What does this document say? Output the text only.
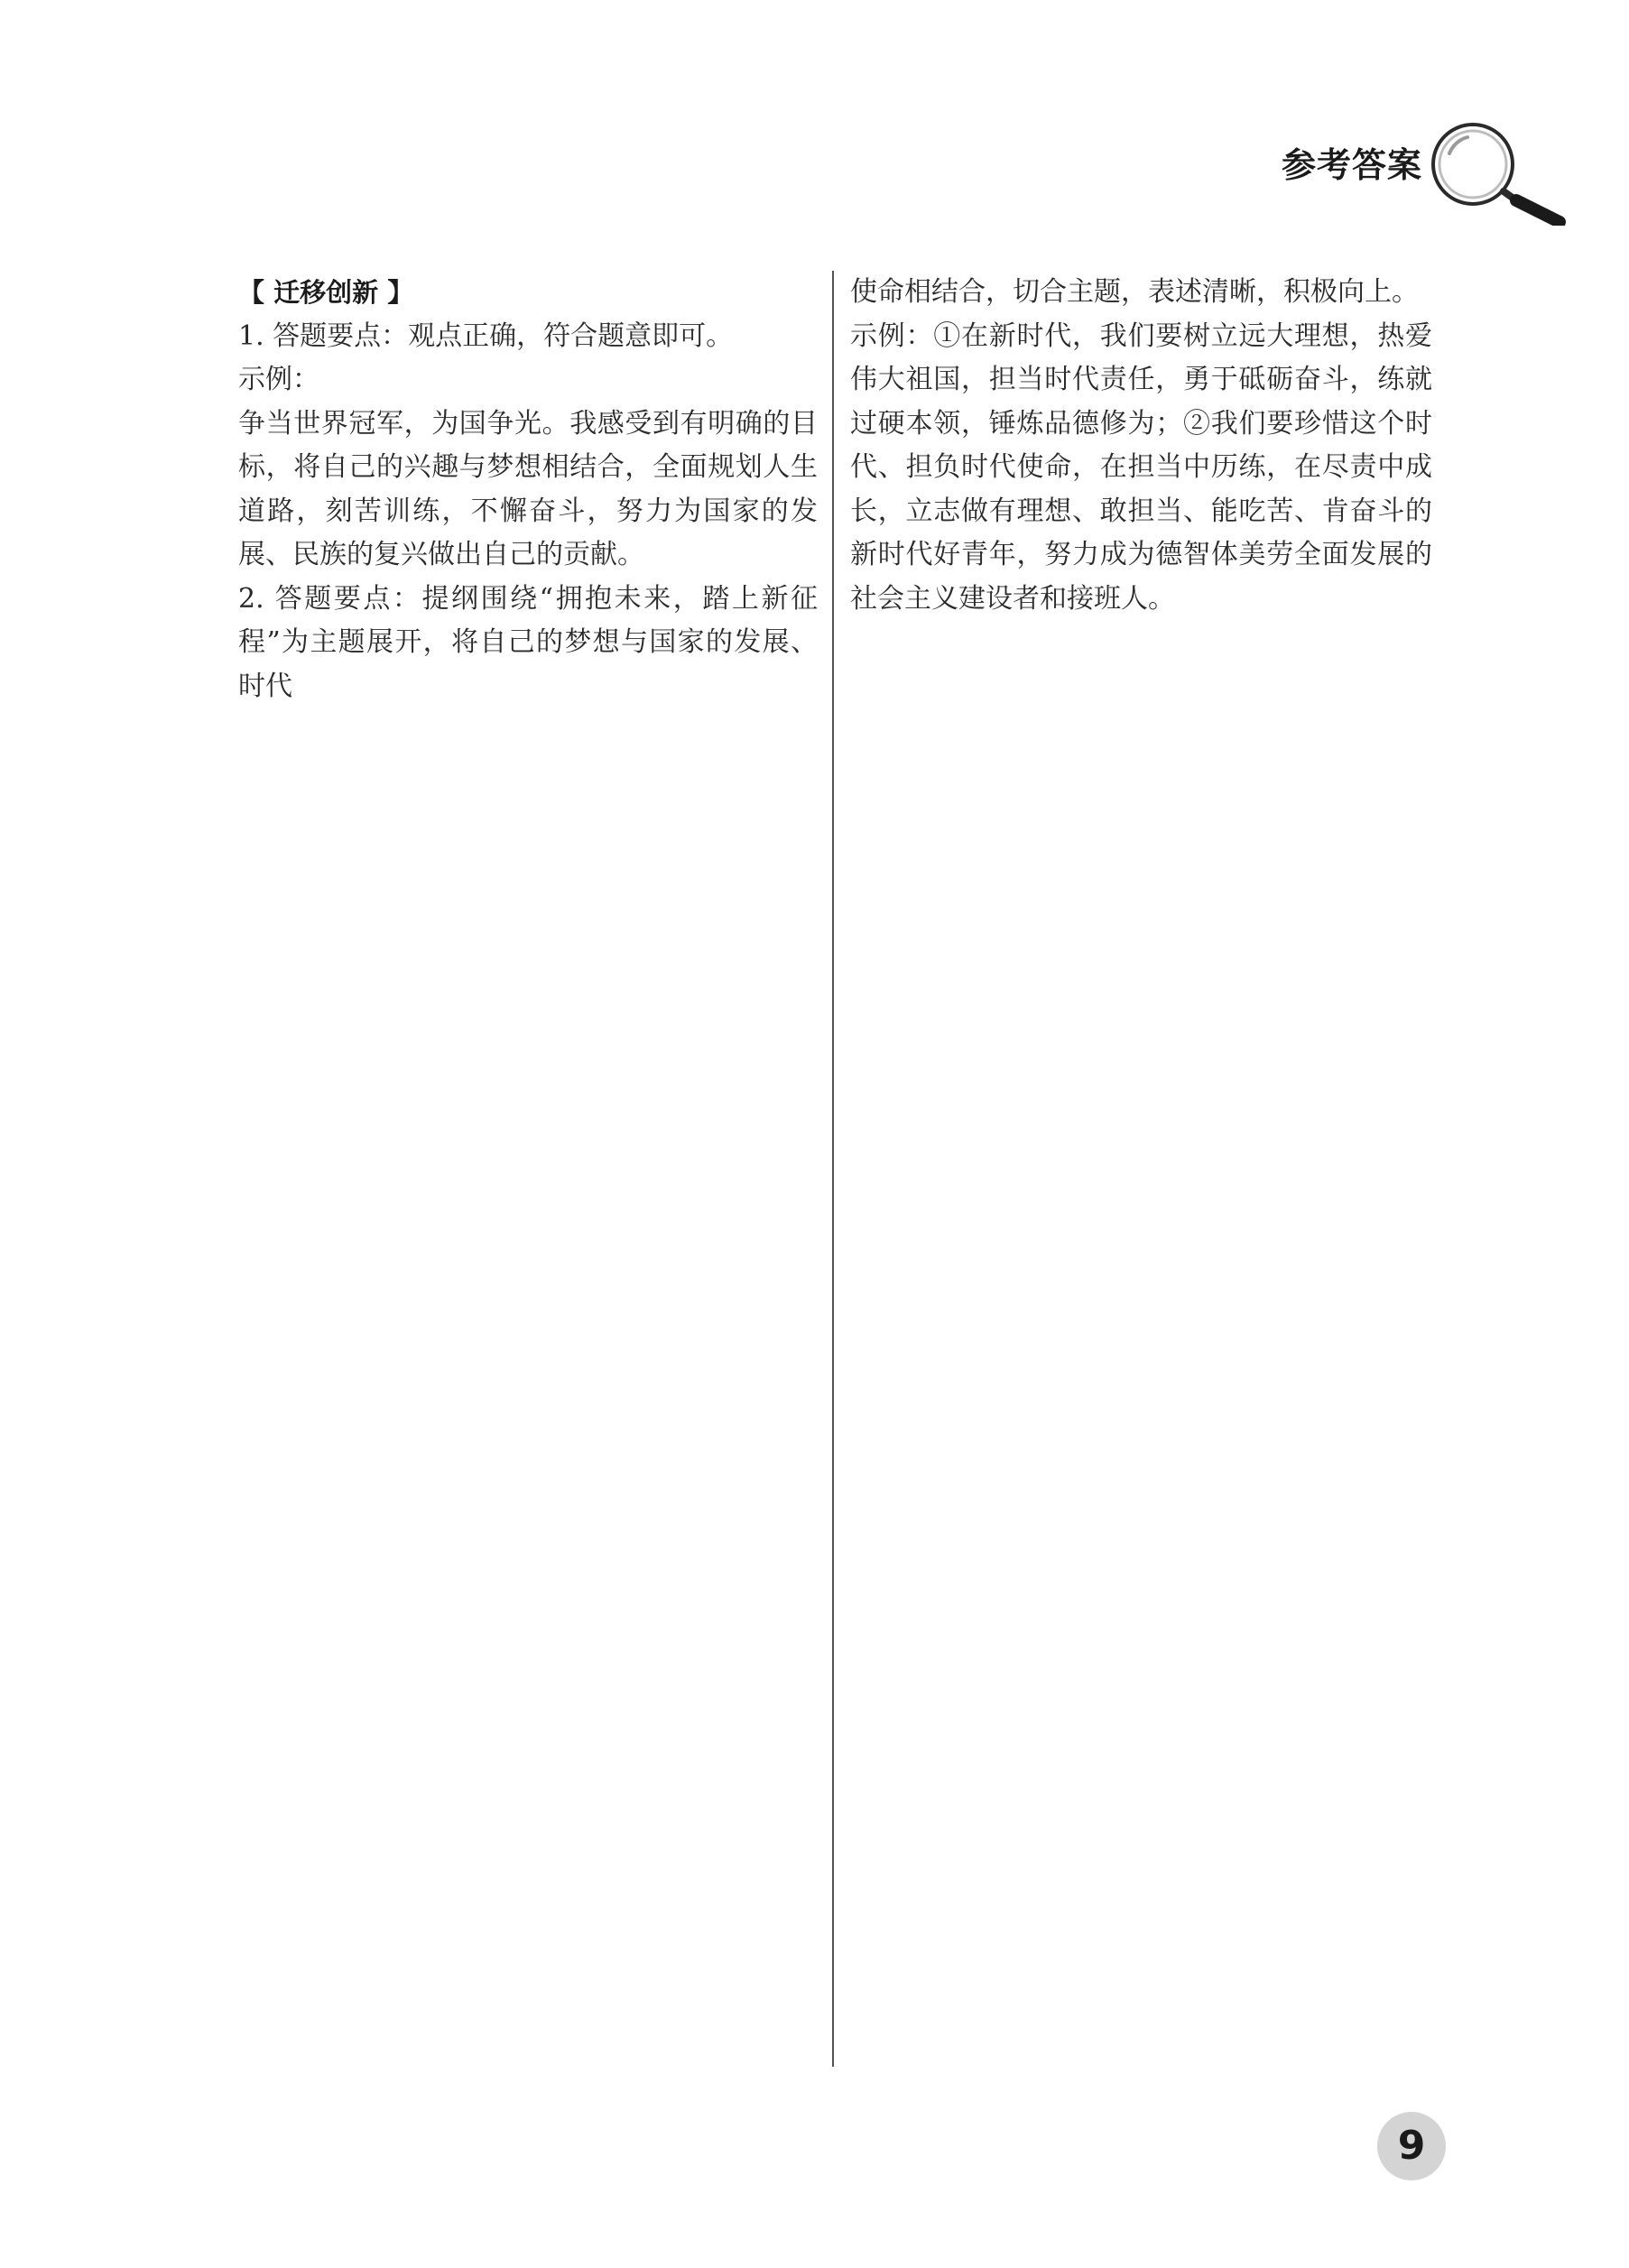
参考答案

【 迁移创新 】

1. 答题要点：观点正确，符合题意即可。

示例：

争当世界冠军，为国争光。我感受到有明确的目标，将自己的兴趣与梦想相结合，全面规划人生道路，刻苦训练，不懈奋斗，努力为国家的发展、民族的复兴做出自己的贡献。

2. 答题要点：提纲围绕“拥抱未来，踏上新征程”为主题展开，将自己的梦想与国家的发展、时代

使命相结合，切合主题，表述清晰，积极向上。

示例：①在新时代，我们要树立远大理想，热爱伟大祖国，担当时代责任，勇于砥砺奋斗，练就过硬本领，锤炼品德修为；②我们要珍惜这个时代、担负时代使命，在担当中历练，在尽责中成长，立志做有理想、敢担当、能吃苦、肯奋斗的新时代好青年，努力成为德智体美劳全面发展的社会主义建设者和接班人。

9
